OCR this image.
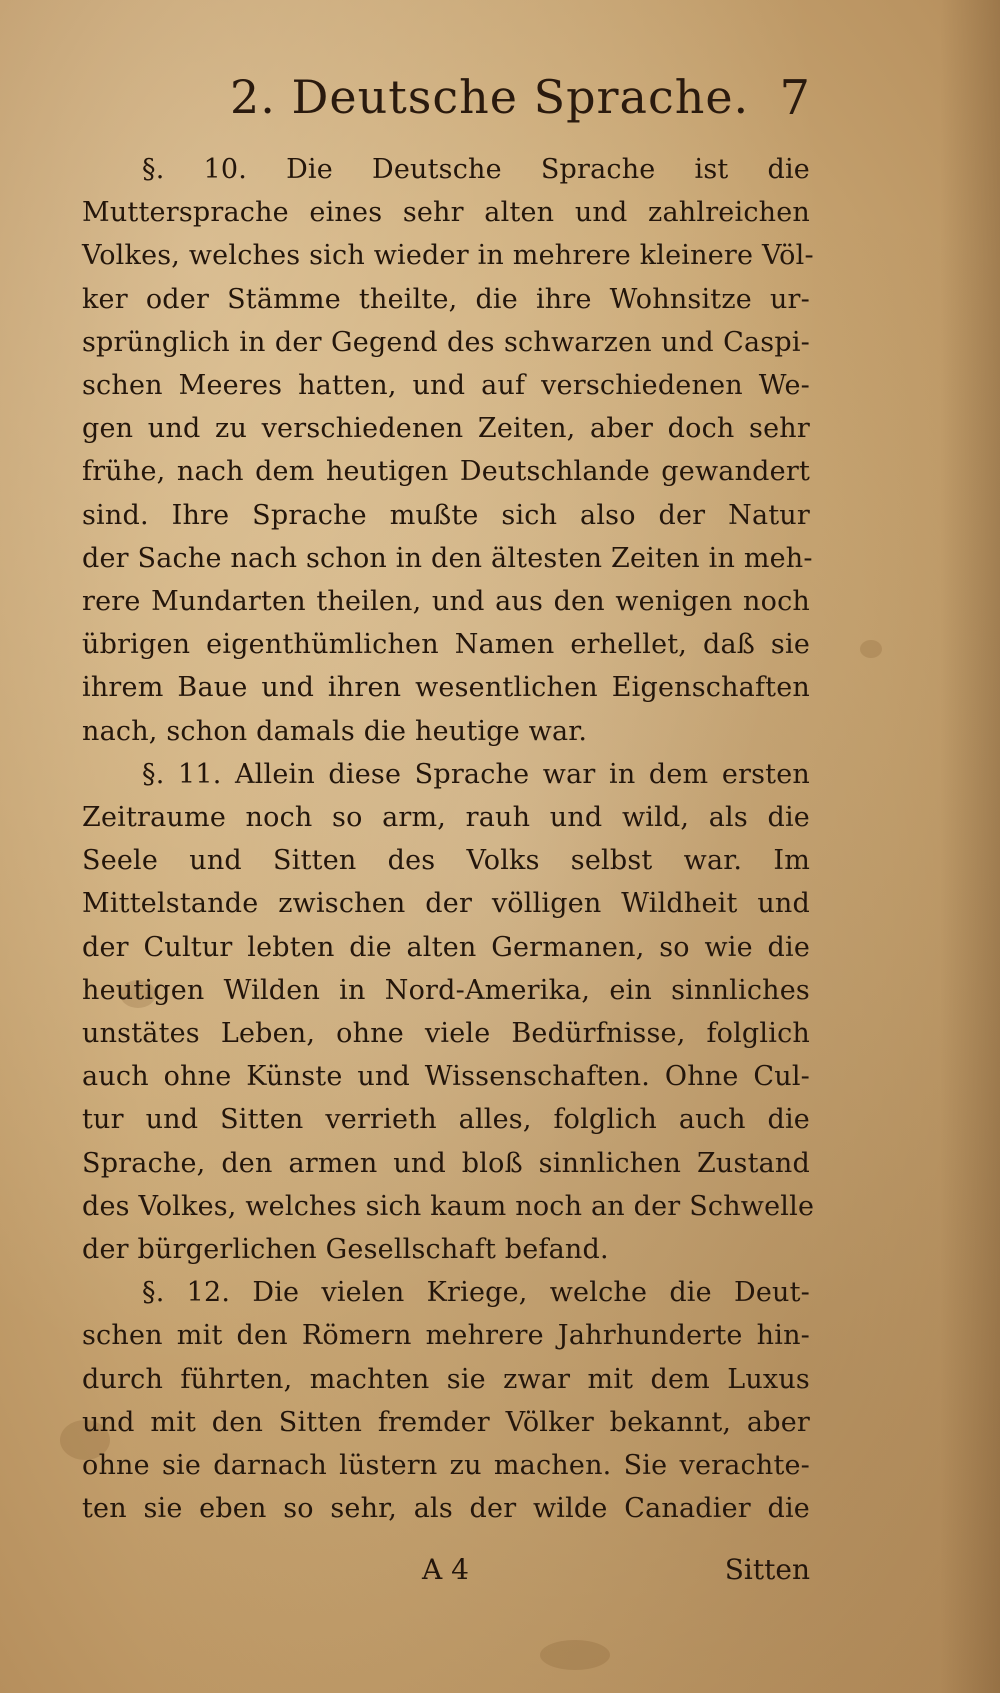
2. Deutsche Sprache. 7

§. 10. Die Deutsche Sprache ist die

Muttersprache eines sehr alten und zahlreichen

Volkes, welches sich wieder in mehrere kleinere Völ-

ker oder Stämme theilte, die ihre Wohnsitze ur-

sprünglich in der Gegend des schwarzen und Caspi-

schen Meeres hatten, und auf verschiedenen We-

gen und zu verschiedenen Zeiten, aber doch sehr

frühe, nach dem heutigen Deutschlande gewandert

sind. Ihre Sprache mußte sich also der Natur

der Sache nach schon in den ältesten Zeiten in meh-

rere Mundarten theilen, und aus den wenigen noch

übrigen eigenthümlichen Namen erhellet, daß sie

ihrem Baue und ihren wesentlichen Eigenschaften

nach, schon damals die heutige war.

§. 11. Allein diese Sprache war in dem ersten

Zeitraume noch so arm, rauh und wild, als die

Seele und Sitten des Volks selbst war. Im

Mittelstande zwischen der völligen Wildheit und

der Cultur lebten die alten Germanen, so wie die

heutigen Wilden in Nord-Amerika, ein sinnliches

unstätes Leben, ohne viele Bedürfnisse, folglich

auch ohne Künste und Wissenschaften. Ohne Cul-

tur und Sitten verrieth alles, folglich auch die

Sprache, den armen und bloß sinnlichen Zustand

des Volkes, welches sich kaum noch an der Schwelle

der bürgerlichen Gesellschaft befand.

§. 12. Die vielen Kriege, welche die Deut-

schen mit den Römern mehrere Jahrhunderte hin-

durch führten, machten sie zwar mit dem Luxus

und mit den Sitten fremder Völker bekannt, aber

ohne sie darnach lüstern zu machen. Sie verachte-

ten sie eben so sehr, als der wilde Canadier die

A 4	Sitten
